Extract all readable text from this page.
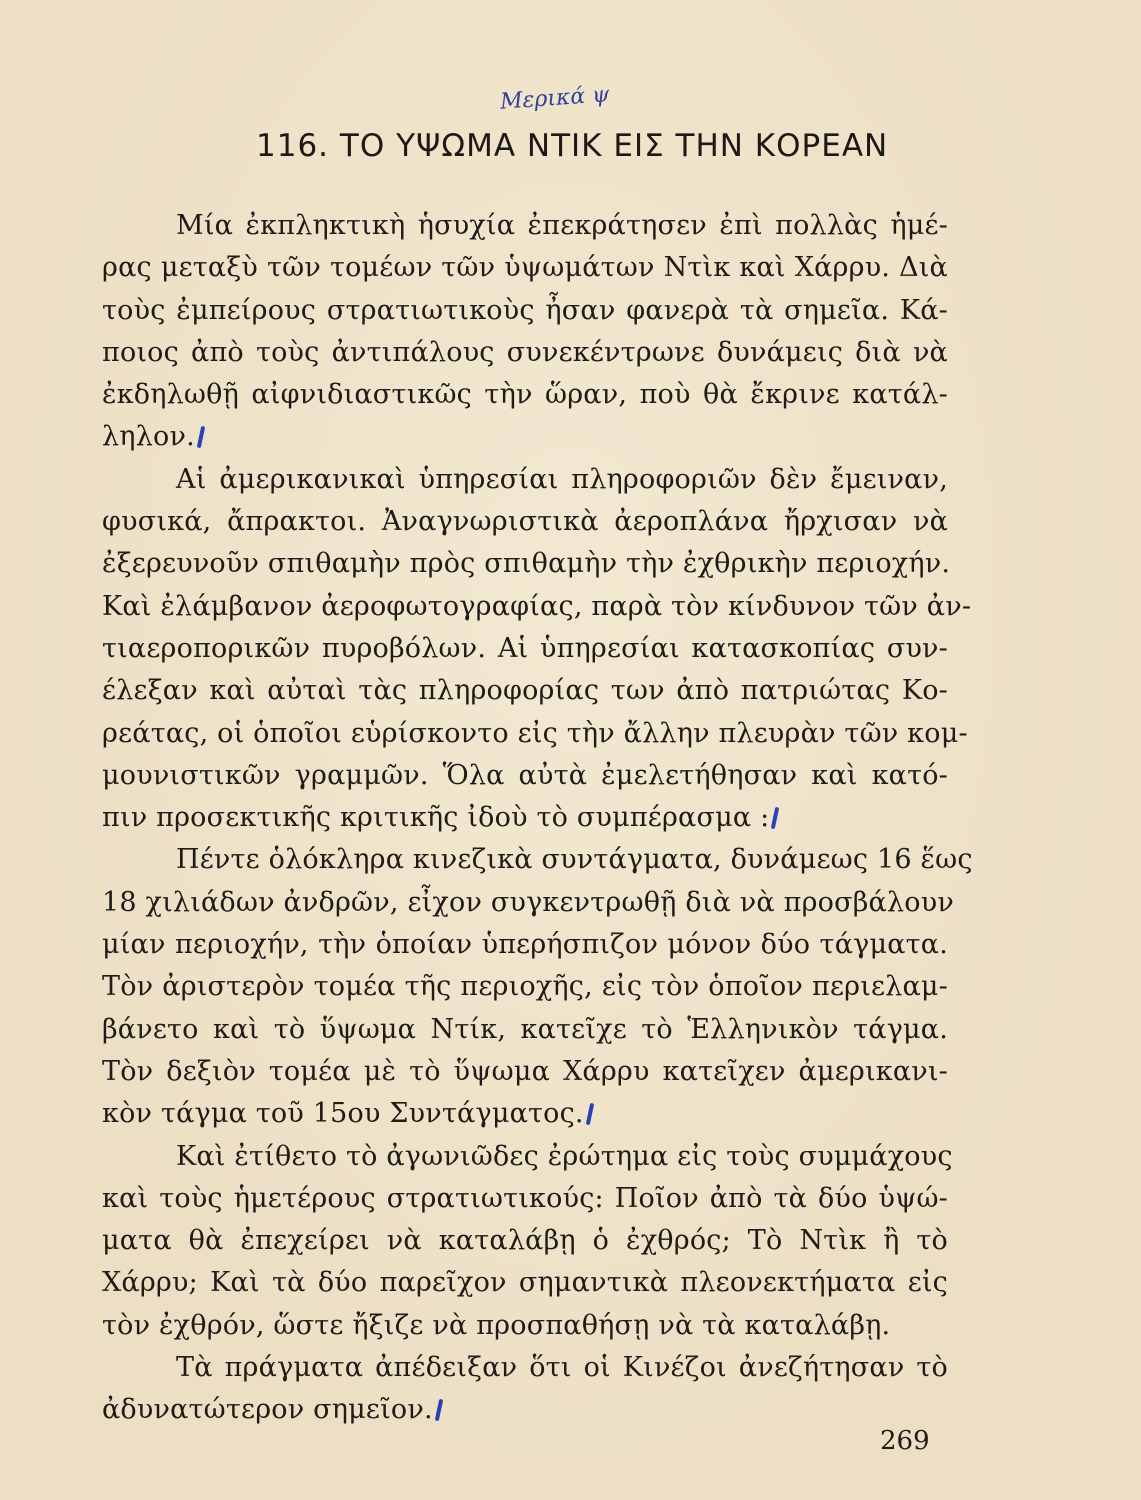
Μερικά ψ
116. ΤΟ ΥΨΩΜΑ ΝΤΙΚ ΕΙΣ ΤΗΝ ΚΟΡΕΑΝ
Μία ἐκπληκτικὴ ἡσυχία ἐπεκράτησεν ἐπὶ πολλὰς ἡμέ-
ρας μεταξὺ τῶν τομέων τῶν ὑψωμάτων Ντὶκ καὶ Χάρρυ. Διὰ
τοὺς ἐμπείρους στρατιωτικοὺς ἦσαν φανερὰ τὰ σημεῖα. Κά-
ποιος ἀπὸ τοὺς ἀντιπάλους συνεκέντρωνε δυνάμεις διὰ νὰ
ἐκδηλωθῇ αἰφνιδιαστικῶς τὴν ὥραν, ποὺ θὰ ἔκρινε κατάλ-
ληλον.
Αἱ ἀμερικανικαὶ ὑπηρεσίαι πληροφοριῶν δὲν ἔμειναν,
φυσικά, ἄπρακτοι. Ἀναγνωριστικὰ ἀεροπλάνα ἤρχισαν νὰ
ἐξερευνοῦν σπιθαμὴν πρὸς σπιθαμὴν τὴν ἐχθρικὴν περιοχήν.
Καὶ ἐλάμβανον ἀεροφωτογραφίας, παρὰ τὸν κίνδυνον τῶν ἀν-
τιαεροπορικῶν πυροβόλων. Αἱ ὑπηρεσίαι κατασκοπίας συν-
έλεξαν καὶ αὐταὶ τὰς πληροφορίας των ἀπὸ πατριώτας Κο-
ρεάτας, οἱ ὁποῖοι εὑρίσκοντο εἰς τὴν ἄλλην πλευρὰν τῶν κομ-
μουνιστικῶν γραμμῶν. Ὅλα αὐτὰ ἐμελετήθησαν καὶ κατό-
πιν προσεκτικῆς κριτικῆς ἰδοὺ τὸ συμπέρασμα :
Πέντε ὁλόκληρα κινεζικὰ συντάγματα, δυνάμεως 16 ἕως
18 χιλιάδων ἀνδρῶν, εἶχον συγκεντρωθῇ διὰ νὰ προσβάλουν
μίαν περιοχήν, τὴν ὁποίαν ὑπερήσπιζον μόνον δύο τάγματα.
Τὸν ἀριστερὸν τομέα τῆς περιοχῆς, εἰς τὸν ὁποῖον περιελαμ-
βάνετο καὶ τὸ ὕψωμα Ντίκ, κατεῖχε τὸ Ἑλληνικὸν τάγμα.
Τὸν δεξιὸν τομέα μὲ τὸ ὕψωμα Χάρρυ κατεῖχεν ἀμερικανι-
κὸν τάγμα τοῦ 15ου Συντάγματος.
Καὶ ἐτίθετο τὸ ἀγωνιῶδες ἐρώτημα εἰς τοὺς συμμάχους
καὶ τοὺς ἡμετέρους στρατιωτικούς: Ποῖον ἀπὸ τὰ δύο ὑψώ-
ματα θὰ ἐπεχείρει νὰ καταλάβῃ ὁ ἐχθρός; Τὸ Ντὶκ ἢ τὸ
Χάρρυ; Καὶ τὰ δύο παρεῖχον σημαντικὰ πλεονεκτήματα εἰς
τὸν ἐχθρόν, ὥστε ἤξιζε νὰ προσπαθήσῃ νὰ τὰ καταλάβῃ.
Τὰ πράγματα ἀπέδειξαν ὅτι οἱ Κινέζοι ἀνεζήτησαν τὸ
ἀδυνατώτερον σημεῖον.
269
